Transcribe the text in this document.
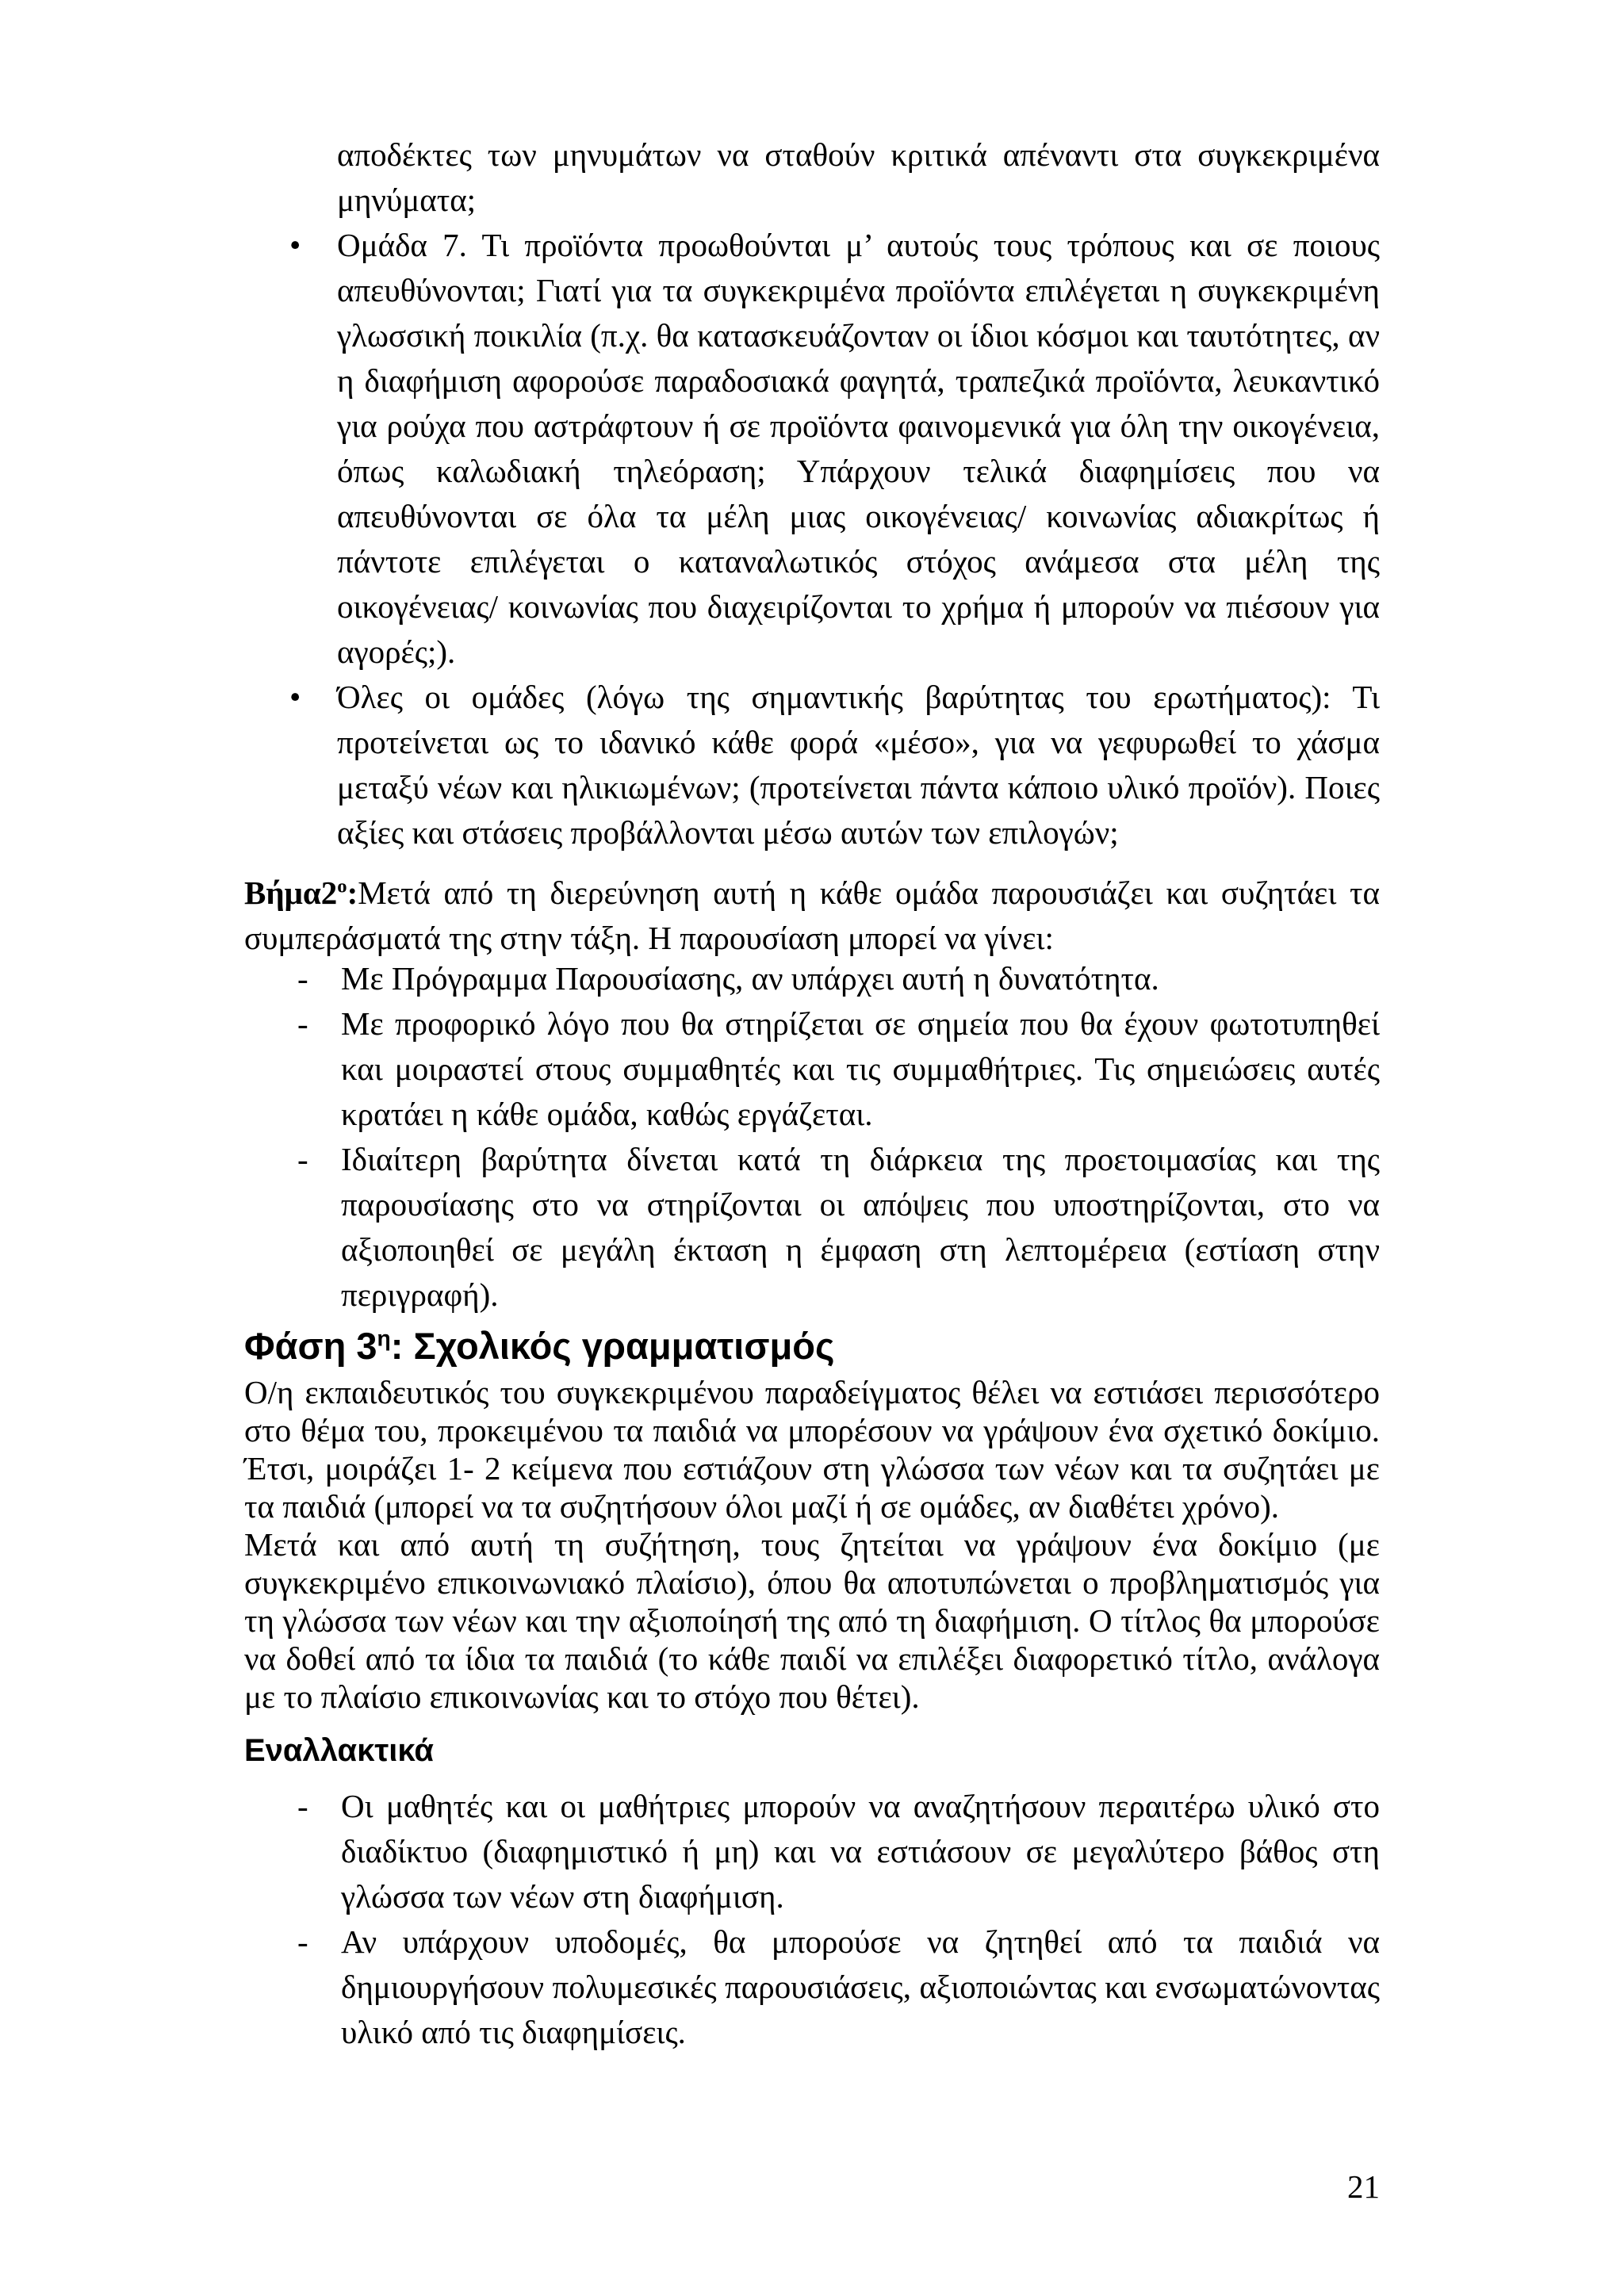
αποδέκτες των μηνυμάτων να σταθούν κριτικά απέναντι στα συγκεκριμένα μηνύματα;

• Ομάδα 7. Τι προϊόντα προωθούνται μ’ αυτούς τους τρόπους και σε ποιους απευθύνονται; Γιατί για τα συγκεκριμένα προϊόντα επιλέγεται η συγκεκριμένη γλωσσική ποικιλία (π.χ. θα κατασκευάζονταν οι ίδιοι κόσμοι και ταυτότητες, αν η διαφήμιση αφορούσε παραδοσιακά φαγητά, τραπεζικά προϊόντα, λευκαντικό για ρούχα που αστράφτουν ή σε προϊόντα φαινομενικά για όλη την οικογένεια, όπως καλωδιακή τηλεόραση; Υπάρχουν τελικά διαφημίσεις που να απευθύνονται σε όλα τα μέλη μιας οικογένειας/ κοινωνίας αδιακρίτως ή πάντοτε επιλέγεται ο καταναλωτικός στόχος ανάμεσα στα μέλη της οικογένειας/ κοινωνίας που διαχειρίζονται το χρήμα ή μπορούν να πιέσουν για αγορές;).
• Όλες οι ομάδες (λόγω της σημαντικής βαρύτητας του ερωτήματος): Τι προτείνεται ως το ιδανικό κάθε φορά «μέσο», για να γεφυρωθεί το χάσμα μεταξύ νέων και ηλικιωμένων; (προτείνεται πάντα κάποιο υλικό προϊόν). Ποιες αξίες και στάσεις προβάλλονται μέσω αυτών των επιλογών;

$Bή\mu\alpha 2^o:M\varepsilon\tau ά$ από τη διερεύνηση αυτή η κάθε ομάδα παρουσιάζει και συζητάει τα συμπεράσματά της στην τάξη. Η παρουσίαση μπορεί να γίνει:

- Με Πρόγραμμα Παρουσίασης, αν υπάρχει αυτή η δυνατότητα.
- Με προφορικό λόγο που θα στηρίζεται σε σημεία που θα έχουν φωτοτυπηθεί και μοιραστεί στους συμμαθητές και τις συμμαθήτριες. Τις σημειώσεις αυτές κρατάει η κάθε ομάδα, καθώς εργάζεται.
- Ιδιαίτερη βαρύτητα δίνεται κατά τη διάρκεια της προετοιμασίας και της παρουσίασης στο να στηρίζονται οι απόψεις που υποστηρίζονται, στο να αξιοποιηθεί σε μεγάλη έκταση η έμφαση στη λεπτομέρεια (εστίαση στην περιγραφή).
Φάση $3^\eta$: Σχολικός γραμματισμός

Ο/η εκπαιδευτικός του συγκεκριμένου παραδείγματος θέλει να εστιάσει περισσότερο στο θέμα του, προκειμένου τα παιδιά να μπορέσουν να γράψουν ένα σχετικό δοκίμιο. Έτσι, μοιράζει 1- 2 κείμενα που εστιάζουν στη γλώσσα των νέων και τα συζητάει με τα παιδιά (μπορεί να τα συζητήσουν όλοι μαζί ή σε ομάδες, αν διαθέτει χρόνο).

Μετά και από αυτή τη συζήτηση, τους ζητείται να γράψουν ένα δοκίμιο (με συγκεκριμένο επικοινωνιακό πλαίσιο), όπου θα αποτυπώνεται ο προβληματισμός για τη γλώσσα των νέων και την αξιοποίησή της από τη διαφήμιση. Ο τίτλος θα μπορούσε να δοθεί από τα ίδια τα παιδιά (το κάθε παιδί να επιλέξει διαφορετικό τίτλο, ανάλογα με το πλαίσιο επικοινωνίας και το στόχο που θέτει).

Εναλλακτικά
- Οι μαθητές και οι μαθήτριες μπορούν να αναζητήσουν περαιτέρω υλικό στο διαδίκτυο (διαφημιστικό ή μη) και να εστιάσουν σε μεγαλύτερο βάθος στη γλώσσα των νέων στη διαφήμιση.
- Αν υπάρχουν υποδομές, θα μπορούσε να ζητηθεί από τα παιδιά να δημιουργήσουν πολυμεσικές παρουσιάσεις, αξιοποιώντας και ενσωματώνοντας υλικό από τις διαφημίσεις.
21
